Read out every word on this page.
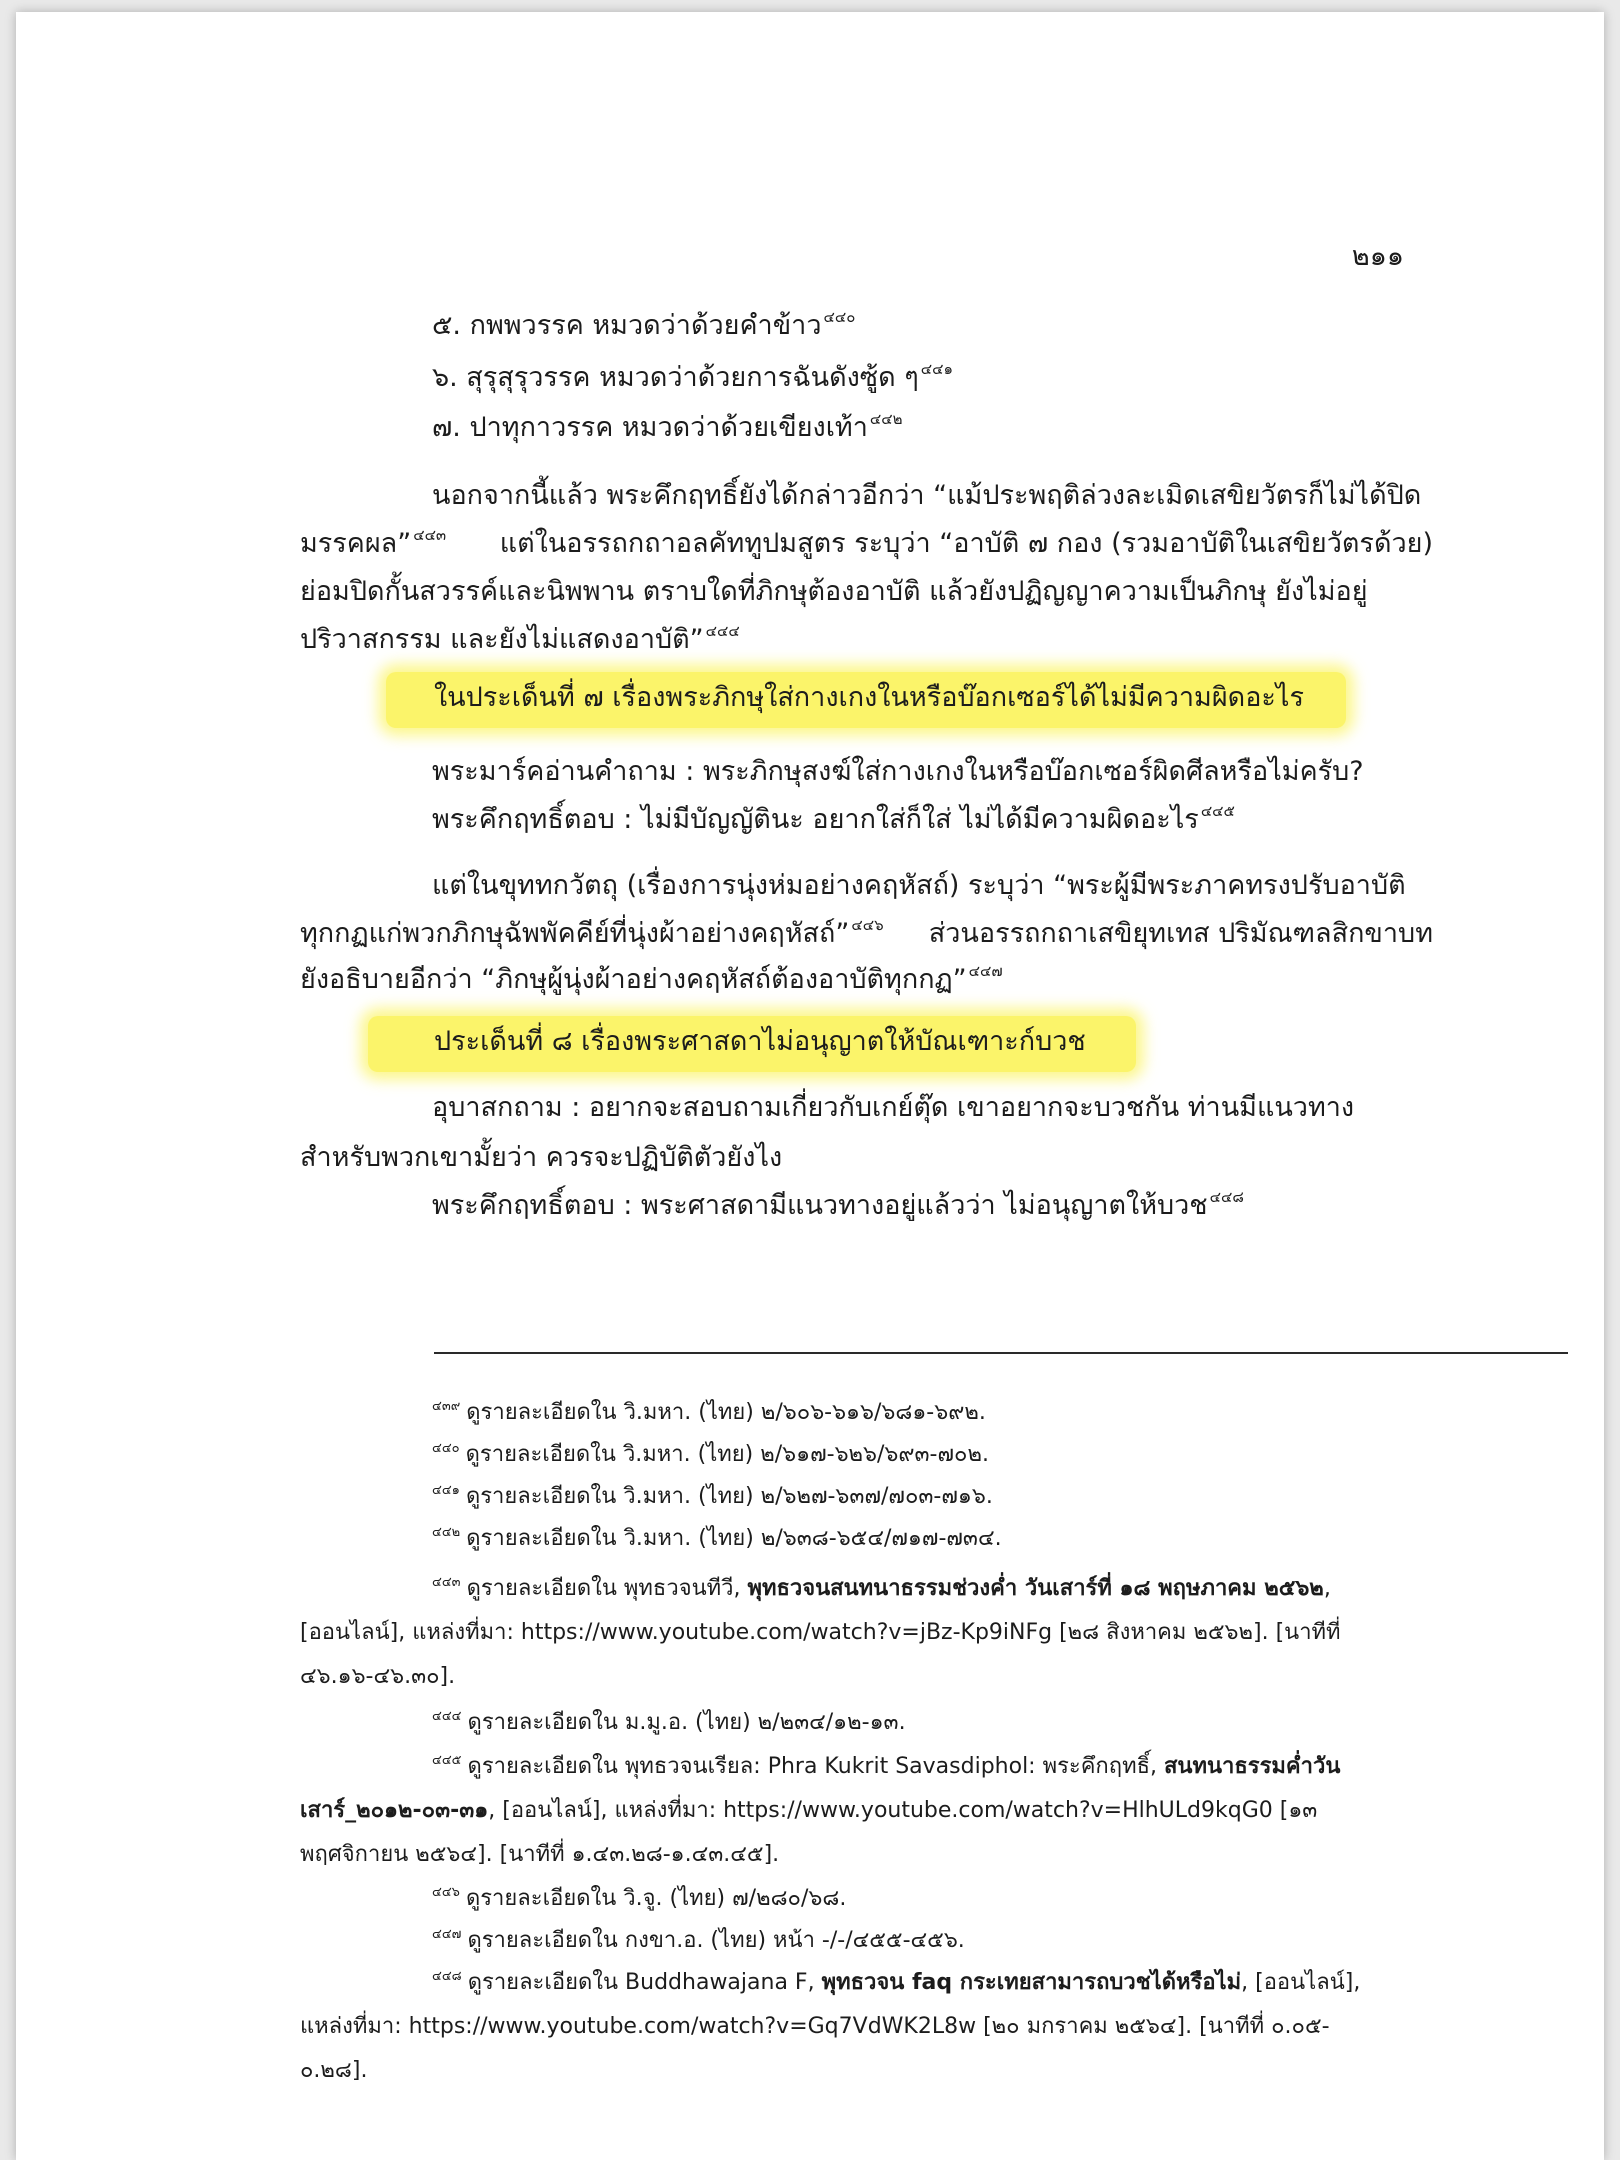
๒๑๑
๕. กพพวรรค หมวดว่าด้วยคำข้าว $^{๔๔๐}$
๖. สุรุสุรุวรรค หมวดว่าด้วยการฉันดังซู้ด ๆ $^{๔๔๑}$
๗. ปาทุกาวรรค หมวดว่าด้วยเขียงเท้า $^{๔๔๒}$
นอกจากนี้แล้ว พระคึกฤทธิ์ยังได้กล่าวอีกว่า “แม้ประพฤติล่วงละเมิดเสขิยวัตรก็ไม่ได้ปิด
มรรคผล” $^{๔๔๓}$ แต่ในอรรถกถาอลคัททูปมสูตร ระบุว่า “อาบัติ ๗ กอง (รวมอาบัติในเสขิยวัตรด้วย)
ย่อมปิดกั้นสวรรค์และนิพพาน ตราบใดที่ภิกษุต้องอาบัติ แล้วยังปฏิญญาความเป็นภิกษุ ยังไม่อยู่
ปริวาสกรรม และยังไม่แสดงอาบัติ” $^{๔๔๔}$
ในประเด็นที่ ๗ เรื่องพระภิกษุใส่กางเกงในหรือบ๊อกเซอร์ได้ไม่มีความผิดอะไร
พระมาร์คอ่านคำถาม : พระภิกษุสงฆ์ใส่กางเกงในหรือบ๊อกเซอร์ผิดศีลหรือไม่ครับ?
พระคึกฤทธิ์ตอบ : ไม่มีบัญญัตินะ อยากใส่ก็ใส่ ไม่ได้มีความผิดอะไร $^{๔๔๕}$
แต่ในขุททกวัตถุ (เรื่องการนุ่งห่มอย่างคฤหัสถ์) ระบุว่า “พระผู้มีพระภาคทรงปรับอาบัติ
ทุกกฏแก่พวกภิกษุฉัพพัคคีย์ที่นุ่งผ้าอย่างคฤหัสถ์” $^{๔๔๖}$ ส่วนอรรถกถาเสขิยุทเทส ปริมัณฑลสิกขาบท
ยังอธิบายอีกว่า “ภิกษุผู้นุ่งผ้าอย่างคฤหัสถ์ต้องอาบัติทุกกฏ” $^{๔๔๗}$
ประเด็นที่ ๘ เรื่องพระศาสดาไม่อนุญาตให้บัณเฑาะก์บวช
อุบาสกถาม : อยากจะสอบถามเกี่ยวกับเกย์ตุ๊ด เขาอยากจะบวชกัน ท่านมีแนวทาง
สำหรับพวกเขามั้ยว่า ควรจะปฏิบัติตัวยังไง
พระคึกฤทธิ์ตอบ : พระศาสดามีแนวทางอยู่แล้วว่า ไม่อนุญาตให้บวช $^{๔๔๘}$
$^{๔๓๙}$ ดูรายละเอียดใน วิ.มหา. (ไทย) ๒/๖๐๖-๖๑๖/๖๘๑-๖๙๒.
$^{๔๔๐}$ ดูรายละเอียดใน วิ.มหา. (ไทย) ๒/๖๑๗-๖๒๖/๖๙๓-๗๐๒.
$^{๔๔๑}$ ดูรายละเอียดใน วิ.มหา. (ไทย) ๒/๖๒๗-๖๓๗/๗๐๓-๗๑๖.
$^{๔๔๒}$ ดูรายละเอียดใน วิ.มหา. (ไทย) ๒/๖๓๘-๖๕๔/๗๑๗-๗๓๔.
$^{๔๔๓}$ ดูรายละเอียดใน พุทธวจนทีวี, พุทธวจนสนทนาธรรมช่วงค่ำ วันเสาร์ที่ ๑๘ พฤษภาคม ๒๕๖๒,
[ออนไลน์], แหล่งที่มา: https://www.youtube.com/watch?v=jBz-Kp9iNFg [๒๘ สิงหาคม ๒๕๖๒]. [นาทีที่
๔๖.๑๖-๔๖.๓๐].
$^{๔๔๔}$ ดูรายละเอียดใน ม.มู.อ. (ไทย) ๒/๒๓๔/๑๒-๑๓.
$^{๔๔๕}$ ดูรายละเอียดใน พุทธวจนเรียล: Phra Kukrit Savasdiphol: พระคึกฤทธิ์, สนทนาธรรมค่ำวัน
เสาร์_๒๐๑๒-๐๓-๓๑, [ออนไลน์], แหล่งที่มา: https://www.youtube.com/watch?v=HlhULd9kqG0 [๑๓
พฤศจิกายน ๒๕๖๔]. [นาทีที่ ๑.๔๓.๒๘-๑.๔๓.๔๕].
$^{๔๔๖}$ ดูรายละเอียดใน วิ.จู. (ไทย) ๗/๒๘๐/๖๘.
$^{๔๔๗}$ ดูรายละเอียดใน กงขา.อ. (ไทย) หน้า -/-/๔๕๕-๔๕๖.
$^{๔๔๘}$ ดูรายละเอียดใน Buddhawajana F, พุทธวจน faq กระเทยสามารถบวชได้หรือไม่, [ออนไลน์],
แหล่งที่มา: https://www.youtube.com/watch?v=Gq7VdWK2L8w [๒๐ มกราคม ๒๕๖๔]. [นาทีที่ ๐.๐๕-
๐.๒๘].
